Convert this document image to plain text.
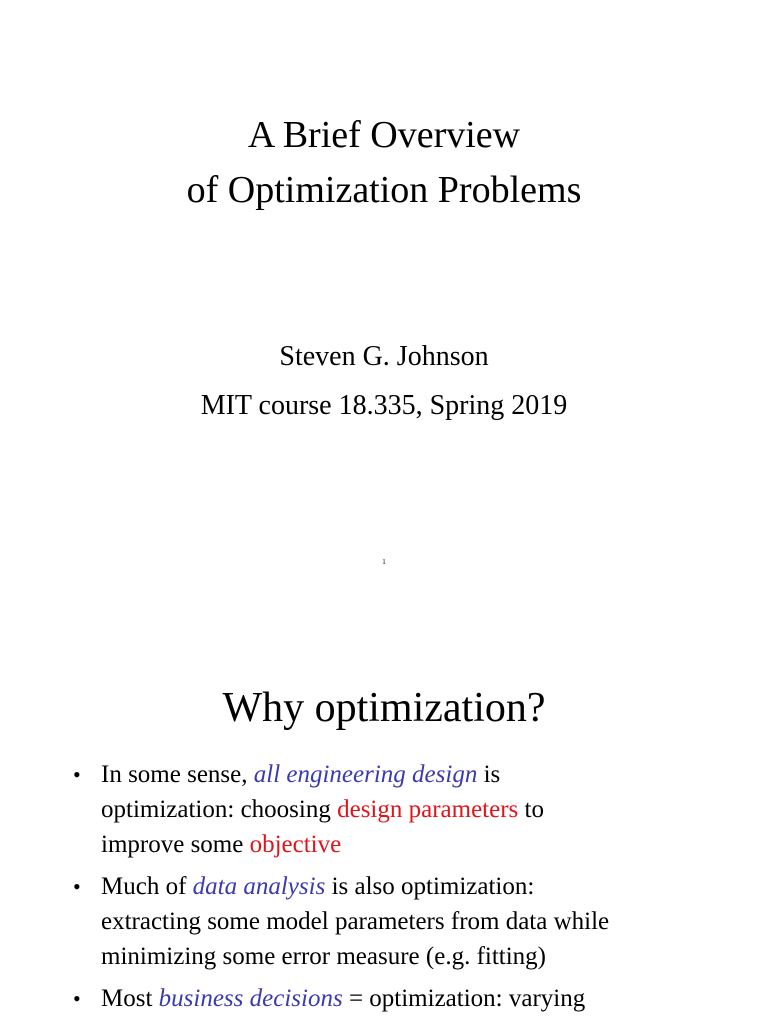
A Brief Overview
of Optimization Problems
Steven G. Johnson
MIT course 18.335, Spring 2019
1
Why optimization?
• In some sense, all engineering design is
optimization: choosing design parameters to
improve some objective
• Much of data analysis is also optimization:
extracting some model parameters from data while
minimizing some error measure (e.g. fitting)
• Most business decisions = optimization: varying
